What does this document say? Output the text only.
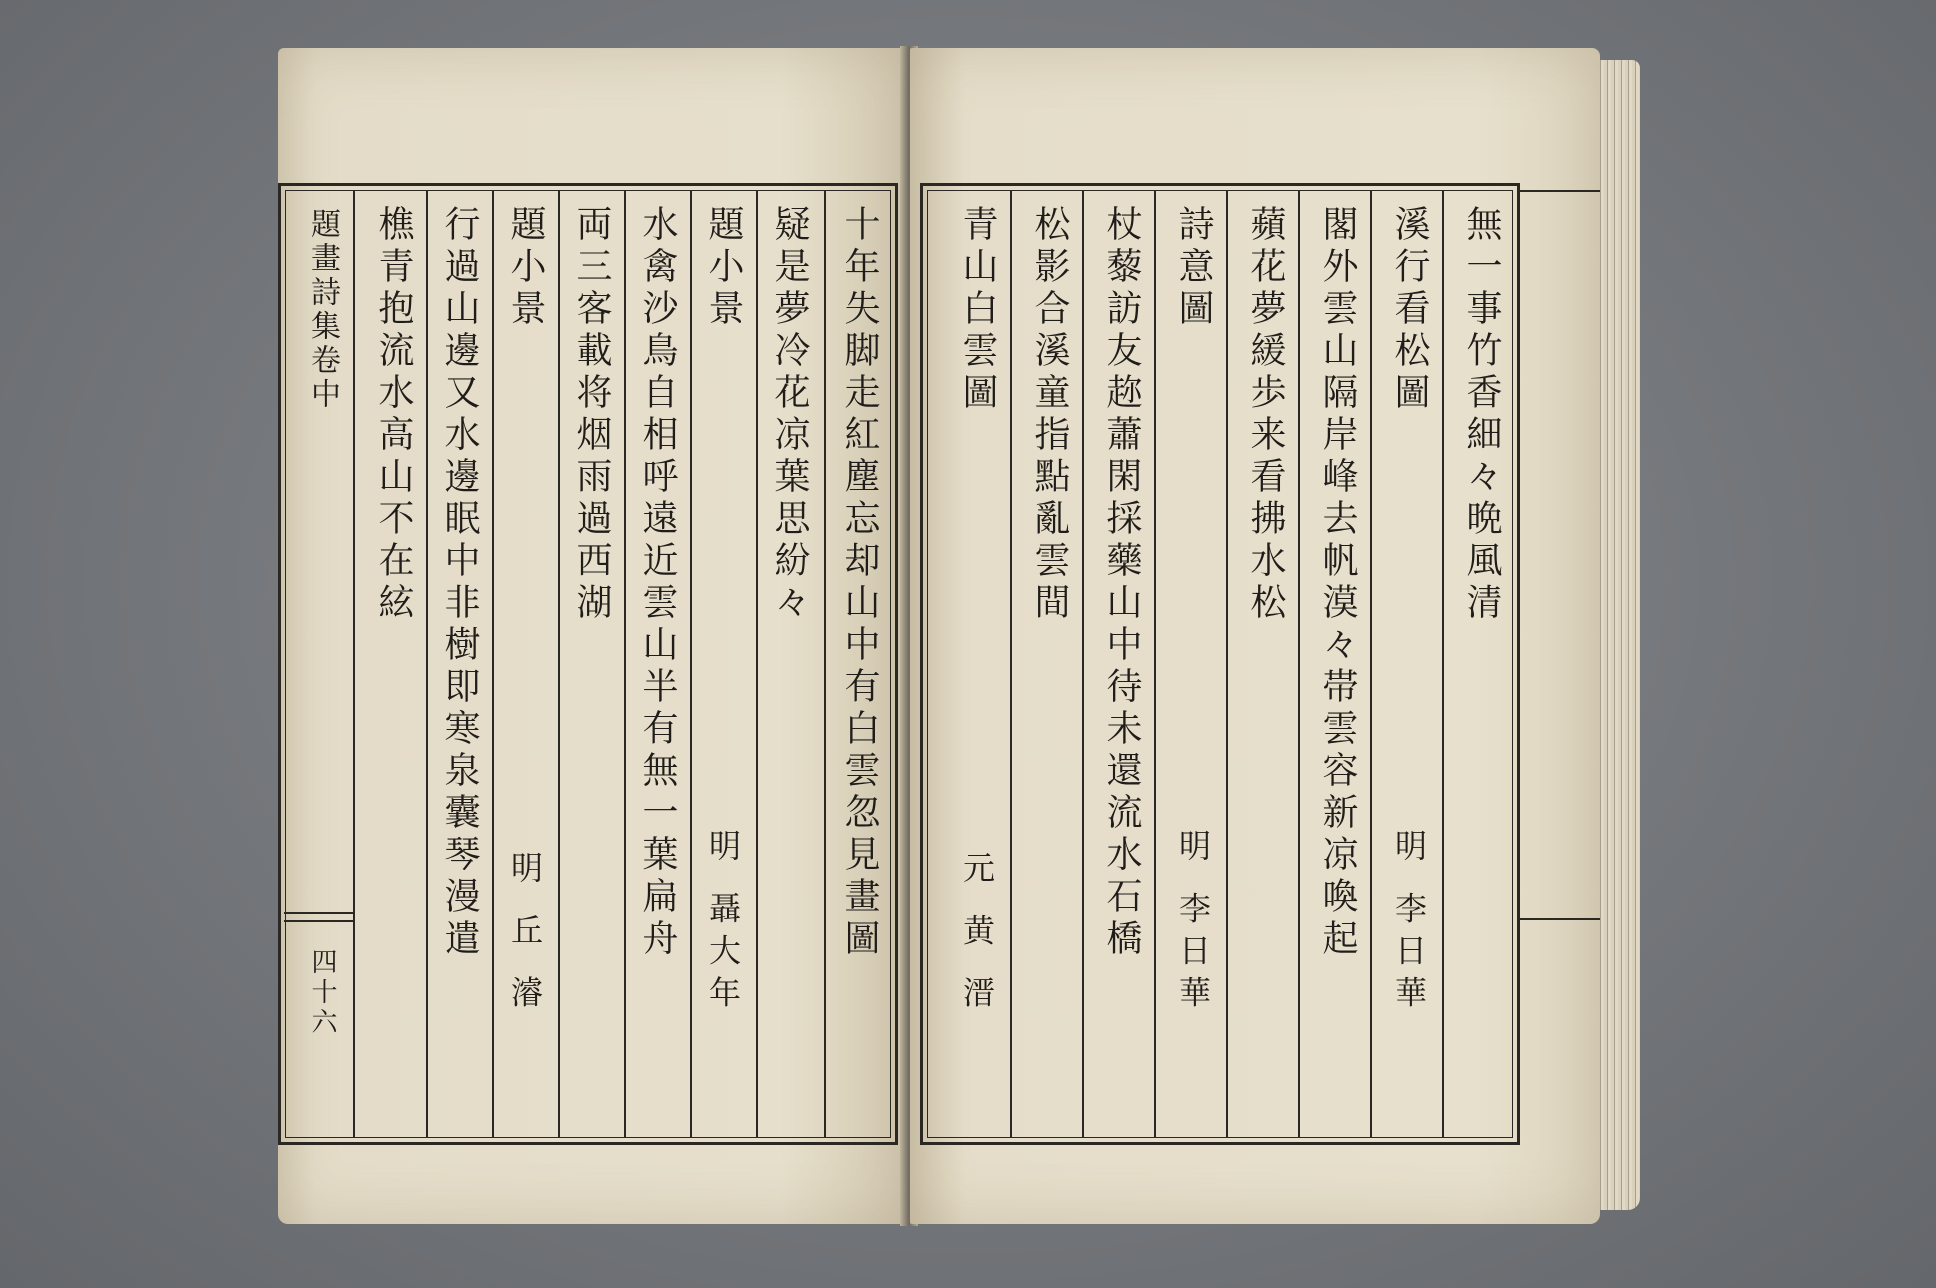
題畫詩集卷中
四十六
十年失脚走紅塵忘却山中有白雲忽見畫圖
疑是夢冷花凉葉思紛々
題小景
明 聶大年
水禽沙鳥自相呼遠近雲山半有無一葉扁舟
両三客載将烟雨過西湖
題小景
明 丘 濬
行過山邊又水邊眠中非樹即寒泉囊琴漫遣
樵青抱流水高山不在絃	無一事竹香細々晩風清
溪行看松圖
明 李日華
閣外雲山隔岸峰去帆漠々帯雲容新凉喚起
蘋花夢緩歩来看拂水松
詩意圖
明 李日華
杖藜訪友趂蕭閑採藥山中待未還流水石橋
松影合溪童指點亂雲間
青山白雲圖
元 黄 溍
